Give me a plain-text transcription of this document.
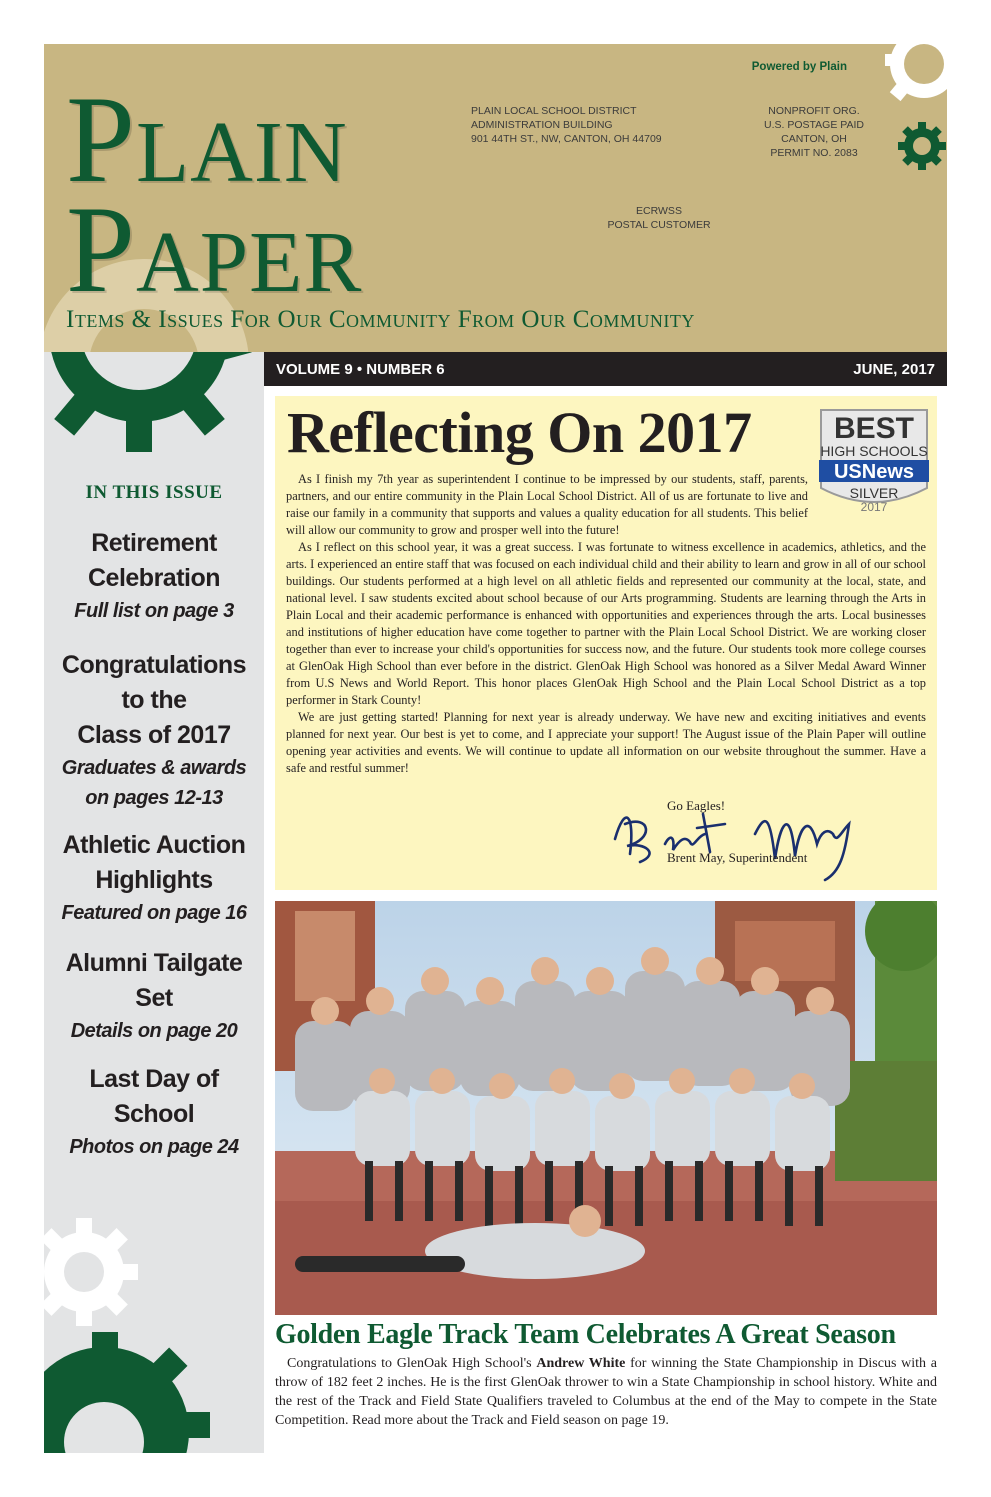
Plain
Paper
Powered by Plain
PLAIN LOCAL SCHOOL DISTRICT
ADMINISTRATION BUILDING
901 44TH ST., NW, CANTON, OH 44709
NONPROFIT ORG.
U.S. POSTAGE PAID
CANTON, OH
PERMIT NO. 2083
ECRWSS
POSTAL CUSTOMER
Items & Issues For Our Community From Our Community
VOLUME 9 • NUMBER 6	JUNE, 2017
IN THIS ISSUE
Retirement
Celebration
Full list on page 3
Congratulations
to the
Class of 2017
Graduates & awards
on pages 12-13
Athletic Auction
Highlights
Featured on page 16
Alumni Tailgate
Set
Details on page 20
Last Day of
School
Photos on page 24
Reflecting On 2017	BEST
HIGH SCHOOLS
USNews
SILVER
2017

As I finish my 7th year as superintendent I continue to be impressed by our students, staff, parents, partners, and our entire community in the Plain Local School District. All of us are fortunate to live and raise our family in a community that supports and values a quality education for all students. This belief will allow our community to grow and prosper well into the future!

As I reflect on this school year, it was a great success. I was fortunate to witness excellence in academics, athletics, and the arts. I experienced an entire staff that was focused on each individual child and their ability to learn and grow in all of our school buildings. Our students performed at a high level on all athletic fields and represented our community at the local, state, and national level. I saw students excited about school because of our Arts programming. Students are learning through the Arts in Plain Local and their academic performance is enhanced with opportunities and experiences through the arts. Local businesses and institutions of higher education have come together to partner with the Plain Local School District. We are working closer together than ever to increase your child's opportunities for success now, and the future. Our students took more college courses at GlenOak High School than ever before in the district. GlenOak High School was honored as a Silver Medal Award Winner from U.S News and World Report. This honor places GlenOak High School and the Plain Local School District as a top performer in Stark County!

We are just getting started! Planning for next year is already underway. We have new and exciting initiatives and events planned for next year. Our best is yet to come, and I appreciate your support! The August issue of the Plain Paper will outline opening year activities and events. We will continue to update all information on our website throughout the summer. Have a safe and restful summer!

Go Eagles!
Brent May, Superintendent
Golden Eagle Track Team Celebrates A Great Season

Congratulations to GlenOak High School's Andrew White for winning the State Championship in Discus with a throw of 182 feet 2 inches. He is the first GlenOak thrower to win a State Championship in school history. White and the rest of the Track and Field State Qualifiers traveled to Columbus at the end of the May to compete in the State Competition. Read more about the Track and Field season on page 19.
